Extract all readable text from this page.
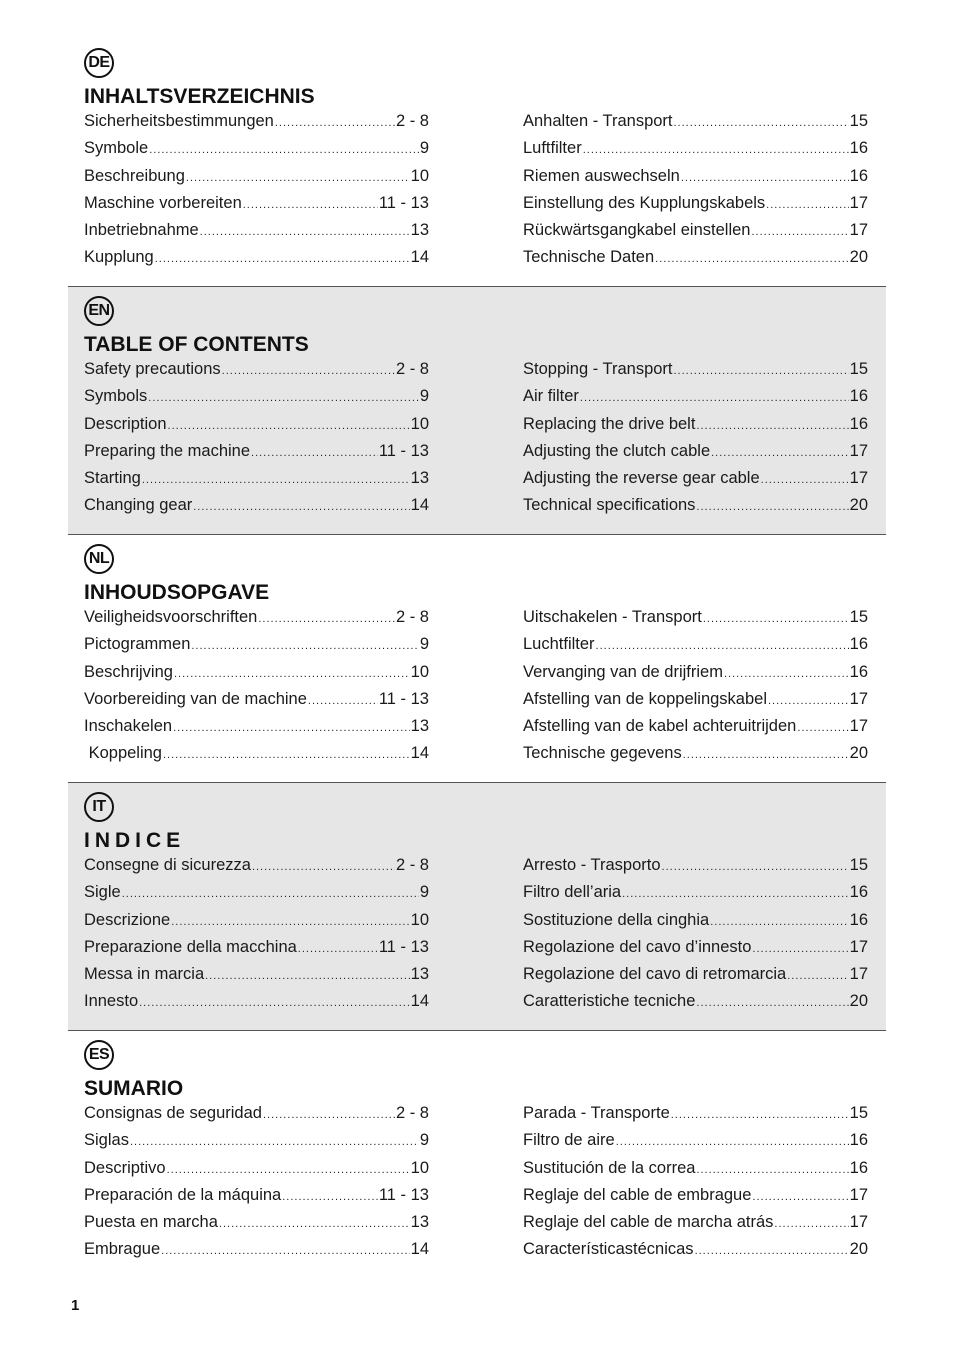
DE
INHALTSVERZEICHNIS
Sicherheitsbestimmungen .....	2 - 8
Symbole .....	9
Beschreibung .....	10
Maschine vorbereiten .....	11 - 13
Inbetriebnahme .....	13
Kupplung .....	14
Anhalten - Transport .....	15
Luftfilter .....	16
Riemen auswechseln .....	16
Einstellung des Kupplungskabels .....	17
Rückwärtsgangkabel einstellen .....	17
Technische Daten .....	20
EN
TABLE OF CONTENTS
Safety precautions .....	2 - 8
Symbols .....	9
Description .....	10
Preparing the machine .....	11 - 13
Starting .....	13
Changing gear .....	14
Stopping - Transport .....	15
Air filter .....	16
Replacing the drive belt .....	16
Adjusting the clutch cable .....	17
Adjusting the reverse gear cable .....	17
Technical specifications .....	20
NL
INHOUDSOPGAVE
Veiligheidsvoorschriften .....	2 - 8
Pictogrammen .....	9
Beschrijving .....	10
Voorbereiding van de machine .....	11 - 13
Inschakelen .....	13
Koppeling .....	14
Uitschakelen - Transport .....	15
Luchtfilter .....	16
Vervanging van de drijfriem .....	16
Afstelling van de koppelingskabel .....	17
Afstelling van de kabel achteruitrijden .....	17
Technische gegevens .....	20
IT
INDICE
Consegne di sicurezza .....	2 - 8
Sigle .....	9
Descrizione .....	10
Preparazione della macchina .....	11 - 13
Messa in marcia .....	13
Innesto .....	14
Arresto - Trasporto .....	15
Filtro dell’aria .....	16
Sostituzione della cinghia .....	16
Regolazione del cavo d’innesto .....	17
Regolazione del cavo di retromarcia .....	17
Caratteristiche tecniche .....	20
ES
SUMARIO
Consignas de seguridad .....	2 - 8
Siglas .....	9
Descriptivo .....	10
Preparación de la máquina .....	11 - 13
Puesta en marcha .....	13
Embrague .....	14
Parada - Transporte .....	15
Filtro de aire .....	16
Sustitución de la correa .....	16
Reglaje del cable de embrague .....	17
Reglaje del cable de marcha atrás .....	17
Característicastécnicas .....	20
1
